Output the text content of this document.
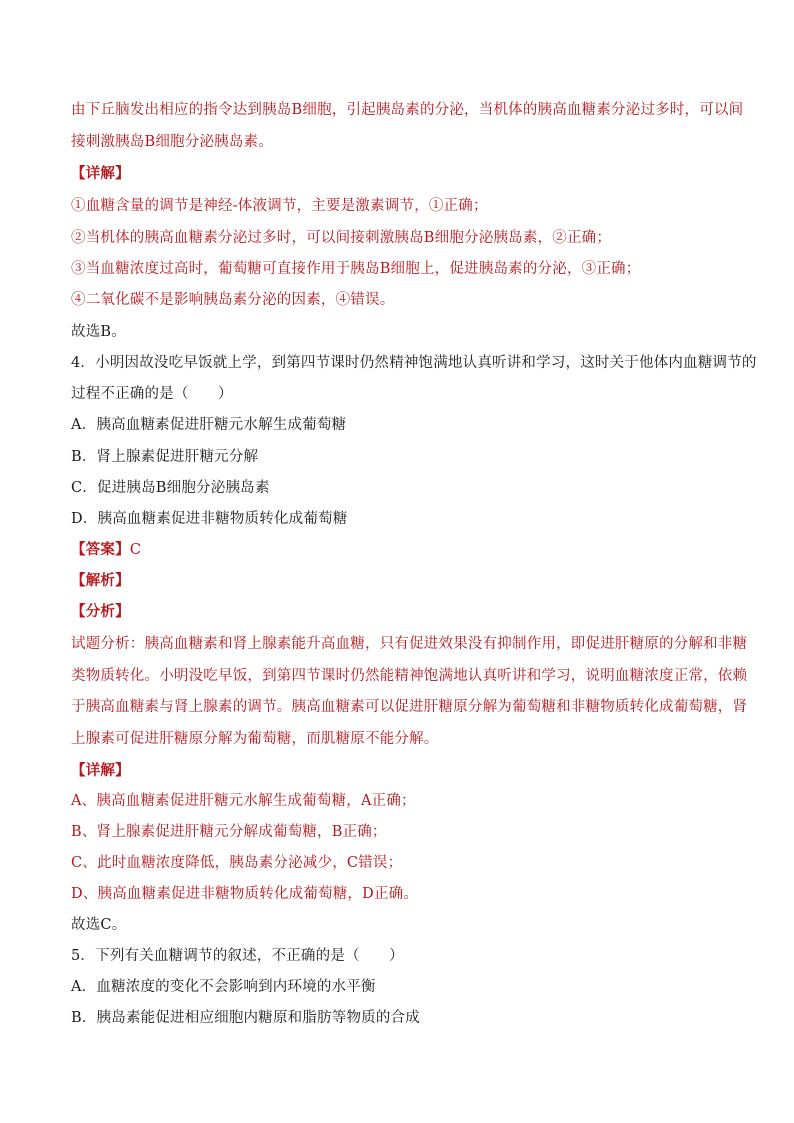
由下丘脑发出相应的指令达到胰岛B细胞，引起胰岛素的分泌，当机体的胰高血糖素分泌过多时，可以间
接刺激胰岛B细胞分泌胰岛素。
【详解】
①血糖含量的调节是神经-体液调节，主要是激素调节，①正确；
②当机体的胰高血糖素分泌过多时，可以间接刺激胰岛B细胞分泌胰岛素，②正确；
③当血糖浓度过高时，葡萄糖可直接作用于胰岛B细胞上，促进胰岛素的分泌，③正确；
④二氧化碳不是影响胰岛素分泌的因素，④错误。
故选B。
4．小明因故没吃早饭就上学，到第四节课时仍然精神饱满地认真听讲和学习，这时关于他体内血糖调节的
过程不正确的是（　　）
A．胰高血糖素促进肝糖元水解生成葡萄糖
B．肾上腺素促进肝糖元分解
C．促进胰岛B细胞分泌胰岛素
D．胰高血糖素促进非糖物质转化成葡萄糖
【答案】C
【解析】
【分析】
试题分析：胰高血糖素和肾上腺素能升高血糖，只有促进效果没有抑制作用，即促进肝糖原的分解和非糖
类物质转化。小明没吃早饭，到第四节课时仍然能精神饱满地认真听讲和学习，说明血糖浓度正常，依赖
于胰高血糖素与肾上腺素的调节。胰高血糖素可以促进肝糖原分解为葡萄糖和非糖物质转化成葡萄糖，肾
上腺素可促进肝糖原分解为葡萄糖，而肌糖原不能分解。
【详解】
A、胰高血糖素促进肝糖元水解生成葡萄糖，A正确；
B、肾上腺素促进肝糖元分解成葡萄糖，B正确；
C、此时血糖浓度降低，胰岛素分泌减少，C错误；
D、胰高血糖素促进非糖物质转化成葡萄糖，D正确。
故选C。
5．下列有关血糖调节的叙述，不正确的是（　　）
A．血糖浓度的变化不会影响到内环境的水平衡
B．胰岛素能促进相应细胞内糖原和脂肪等物质的合成
